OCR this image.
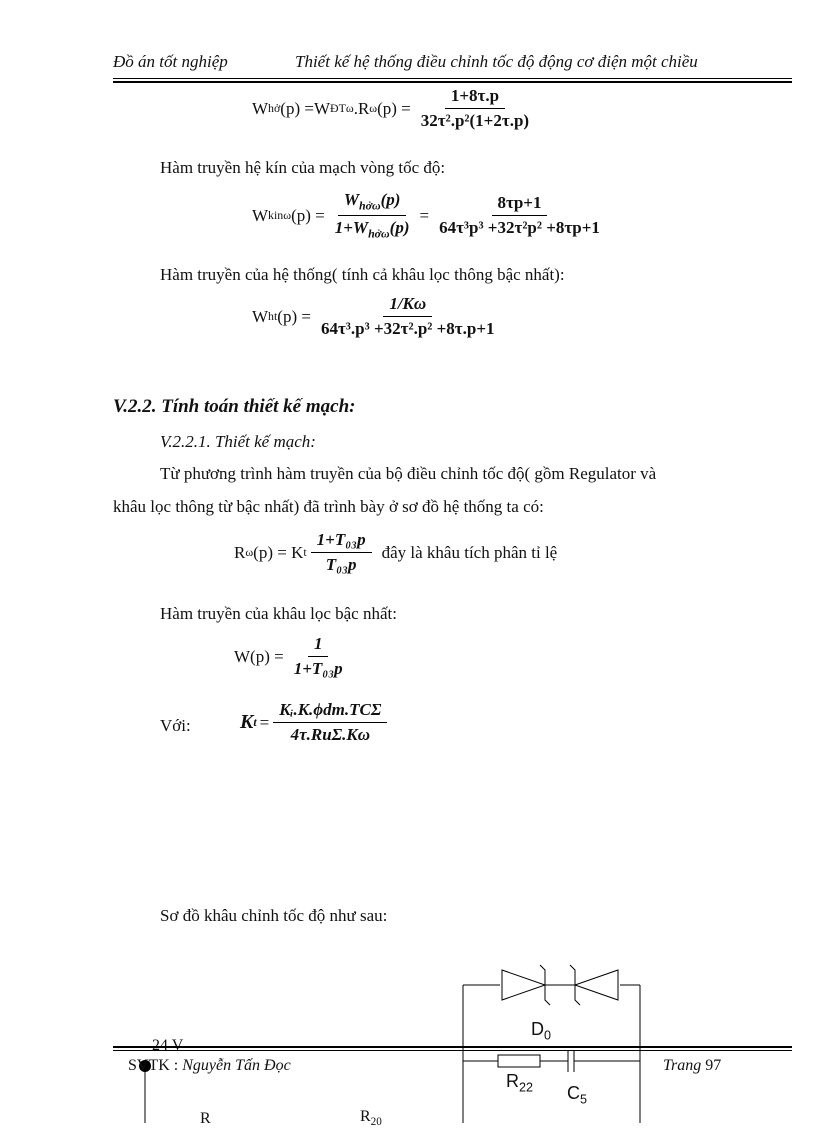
Đồ án tốt nghiệp	Thiết kế hệ thống điều chỉnh tốc độ động cơ điện một chiều
W hở (p) =W ĐTω .R ω $(p) = \frac{1+8\tau.p}{\text{32τ².p²(1+2τ.p)}}$
Hàm truyền hệ kín của mạch vòng tốc độ:
W kinω $(p) = \frac{W_{hở\omega}(p)}{1+W_{hở\omega}(p)} = \frac{8\tau p+1}{\text{64τ³p³ +32τ²p² +8τp+1}}$
Hàm truyền của hệ thống( tính cả khâu lọc thông bậc nhất):
W ht $(p) = \frac{1/K\omega}{\text{64τ³.p³ +32τ².p² +8τ.p+1}}$
V.2.2. Tính toán thiết kế mạch:
V.2.2.1. Thiết kế mạch:
Từ phương trình hàm truyền của bộ điều chỉnh tốc độ( gồm Regulator và
khâu lọc thông từ bậc nhất) đã trình bày ở sơ đồ hệ thống ta có:
R ω (p) = K t $\frac{\text{1+T₀₃p}}{\text{T₀₃p}}$ đây là khâu tích phân tỉ lệ
Hàm truyền của khâu lọc bậc nhất:
$W(p) = \frac{1}{\text{1+T₀₃p}}$
Với: K $t = \frac{\text{Kᵢ.K.ϕdm.TCΣ}}{\text{4τ.RuΣ.Kω}}$
Sơ đồ khâu chỉnh tốc độ như sau:
$D_0$
$R_{22}$ $C_5$
R	$R_{20}$
SVTK : Nguyễn Tấn Đọc	Trang 97
